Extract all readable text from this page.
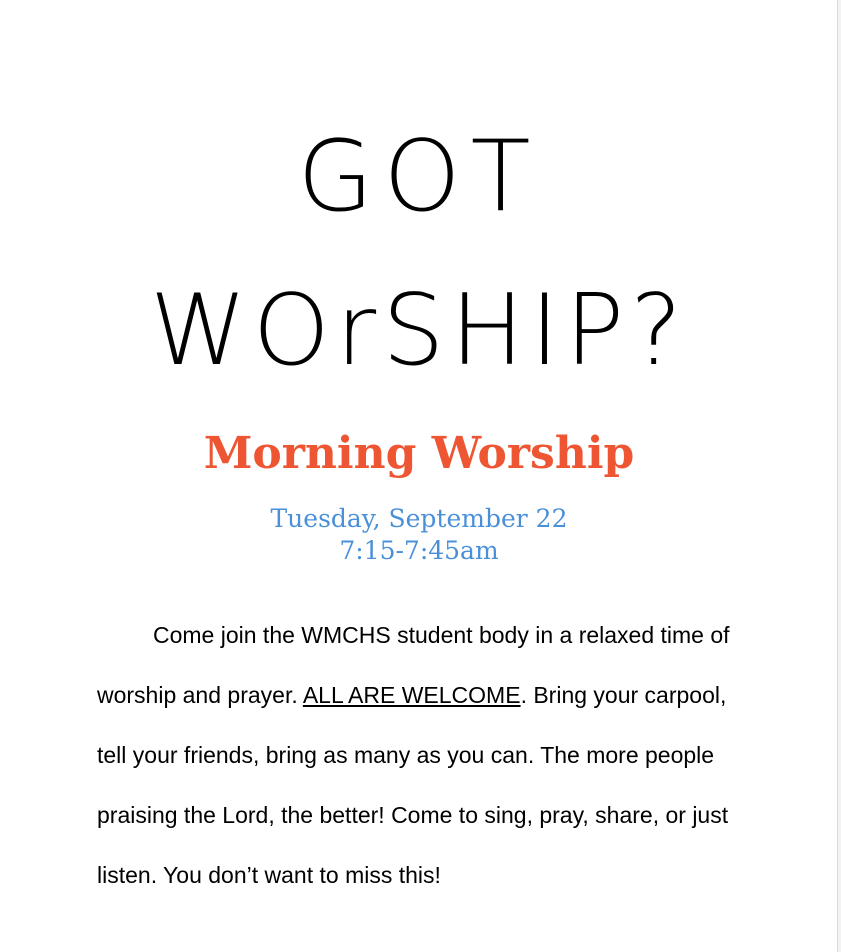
GOT
WOrSHIP?
Morning Worship
Tuesday, September 22
7:15-7:45am
Come join the WMCHS student body in a relaxed time of worship and prayer. ALL ARE WELCOME. Bring your carpool, tell your friends, bring as many as you can. The more people praising the Lord, the better! Come to sing, pray, share, or just listen. You don’t want to miss this!
